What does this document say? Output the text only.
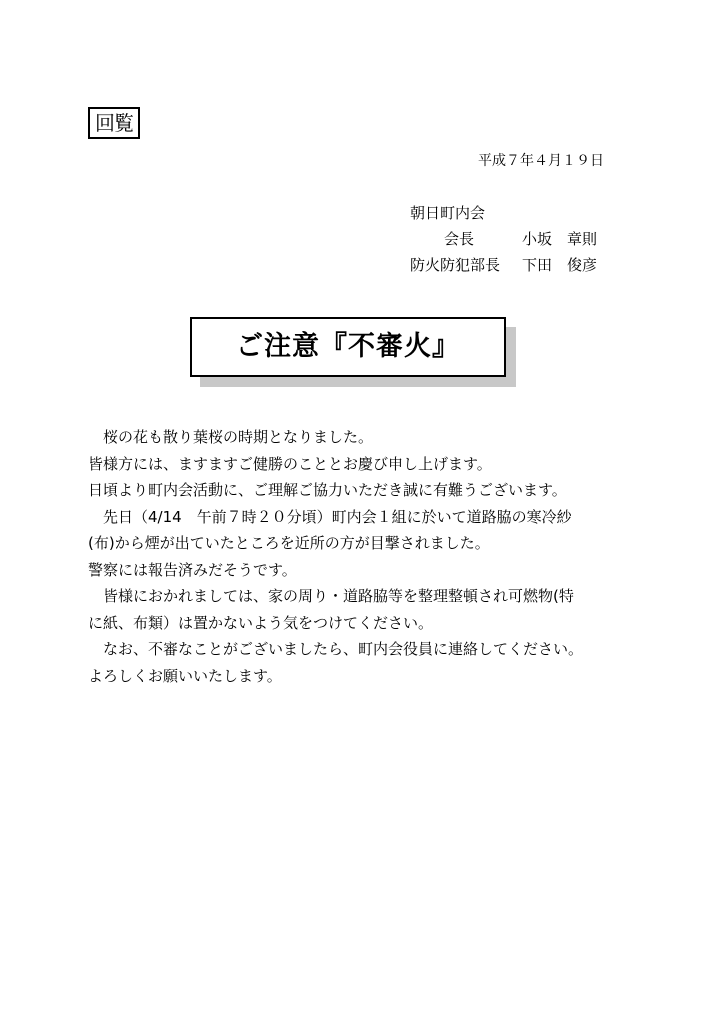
回覧
平成７年４月１９日
朝日町内会
会長	小坂　章則
防火防犯部長 下田　俊彦
ご注意『不審火』
桜の花も散り葉桜の時期となりました。
皆様方には、ますますご健勝のこととお慶び申し上げます。
日頃より町内会活動に、ご理解ご協力いただき誠に有難うございます。
先日（4/14　午前７時２０分頃）町内会１組に於いて道路脇の寒冷紗
(布)から煙が出ていたところを近所の方が目撃されました。
警察には報告済みだそうです。
皆様におかれましては、家の周り・道路脇等を整理整頓され可燃物(特
に紙、布類）は置かないよう気をつけてください。
なお、不審なことがございましたら、町内会役員に連絡してください。
よろしくお願いいたします。
